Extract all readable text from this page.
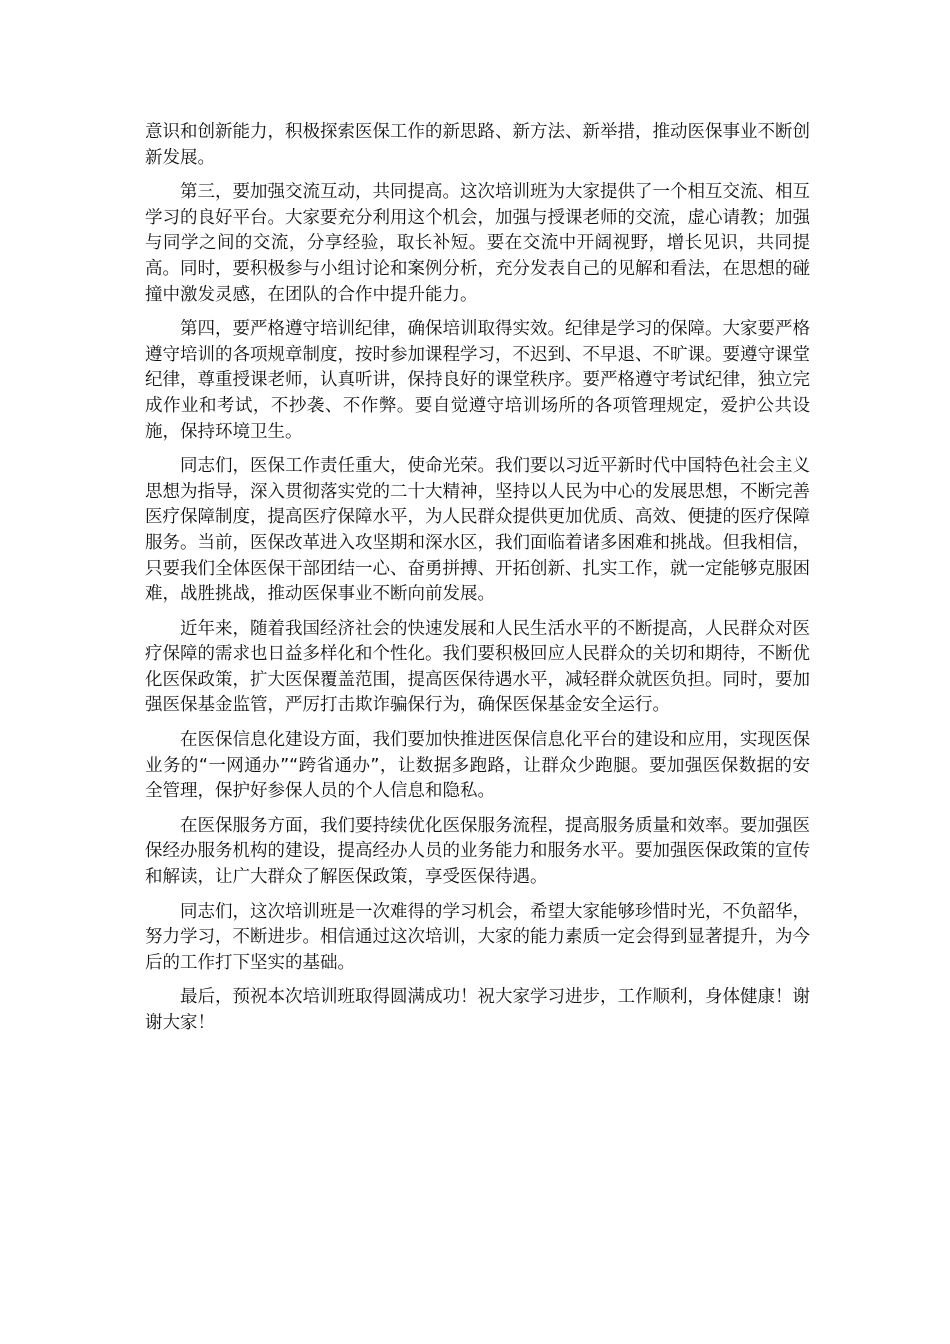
意识和创新能力，积极探索医保工作的新思路、新方法、新举措，推动医保事业不断创新发展。

第三，要加强交流互动，共同提高。这次培训班为大家提供了一个相互交流、相互学习的良好平台。大家要充分利用这个机会，加强与授课老师的交流，虚心请教；加强与同学之间的交流，分享经验，取长补短。要在交流中开阔视野，增长见识，共同提高。同时，要积极参与小组讨论和案例分析，充分发表自己的见解和看法，在思想的碰撞中激发灵感，在团队的合作中提升能力。

第四，要严格遵守培训纪律，确保培训取得实效。纪律是学习的保障。大家要严格遵守培训的各项规章制度，按时参加课程学习，不迟到、不早退、不旷课。要遵守课堂纪律，尊重授课老师，认真听讲，保持良好的课堂秩序。要严格遵守考试纪律，独立完成作业和考试，不抄袭、不作弊。要自觉遵守培训场所的各项管理规定，爱护公共设施，保持环境卫生。

同志们，医保工作责任重大，使命光荣。我们要以习近平新时代中国特色社会主义思想为指导，深入贯彻落实党的二十大精神，坚持以人民为中心的发展思想，不断完善医疗保障制度，提高医疗保障水平，为人民群众提供更加优质、高效、便捷的医疗保障服务。当前，医保改革进入攻坚期和深水区，我们面临着诸多困难和挑战。但我相信，只要我们全体医保干部团结一心、奋勇拼搏、开拓创新、扎实工作，就一定能够克服困难，战胜挑战，推动医保事业不断向前发展。

近年来，随着我国经济社会的快速发展和人民生活水平的不断提高，人民群众对医疗保障的需求也日益多样化和个性化。我们要积极回应人民群众的关切和期待，不断优化医保政策，扩大医保覆盖范围，提高医保待遇水平，减轻群众就医负担。同时，要加强医保基金监管，严厉打击欺诈骗保行为，确保医保基金安全运行。

在医保信息化建设方面，我们要加快推进医保信息化平台的建设和应用，实现医保业务的“一网通办”“跨省通办”，让数据多跑路，让群众少跑腿。要加强医保数据的安全管理，保护好参保人员的个人信息和隐私。

在医保服务方面，我们要持续优化医保服务流程，提高服务质量和效率。要加强医保经办服务机构的建设，提高经办人员的业务能力和服务水平。要加强医保政策的宣传和解读，让广大群众了解医保政策，享受医保待遇。

同志们，这次培训班是一次难得的学习机会，希望大家能够珍惜时光，不负韶华，努力学习，不断进步。相信通过这次培训，大家的能力素质一定会得到显著提升，为今后的工作打下坚实的基础。

最后，预祝本次培训班取得圆满成功！祝大家学习进步，工作顺利，身体健康！谢谢大家！
